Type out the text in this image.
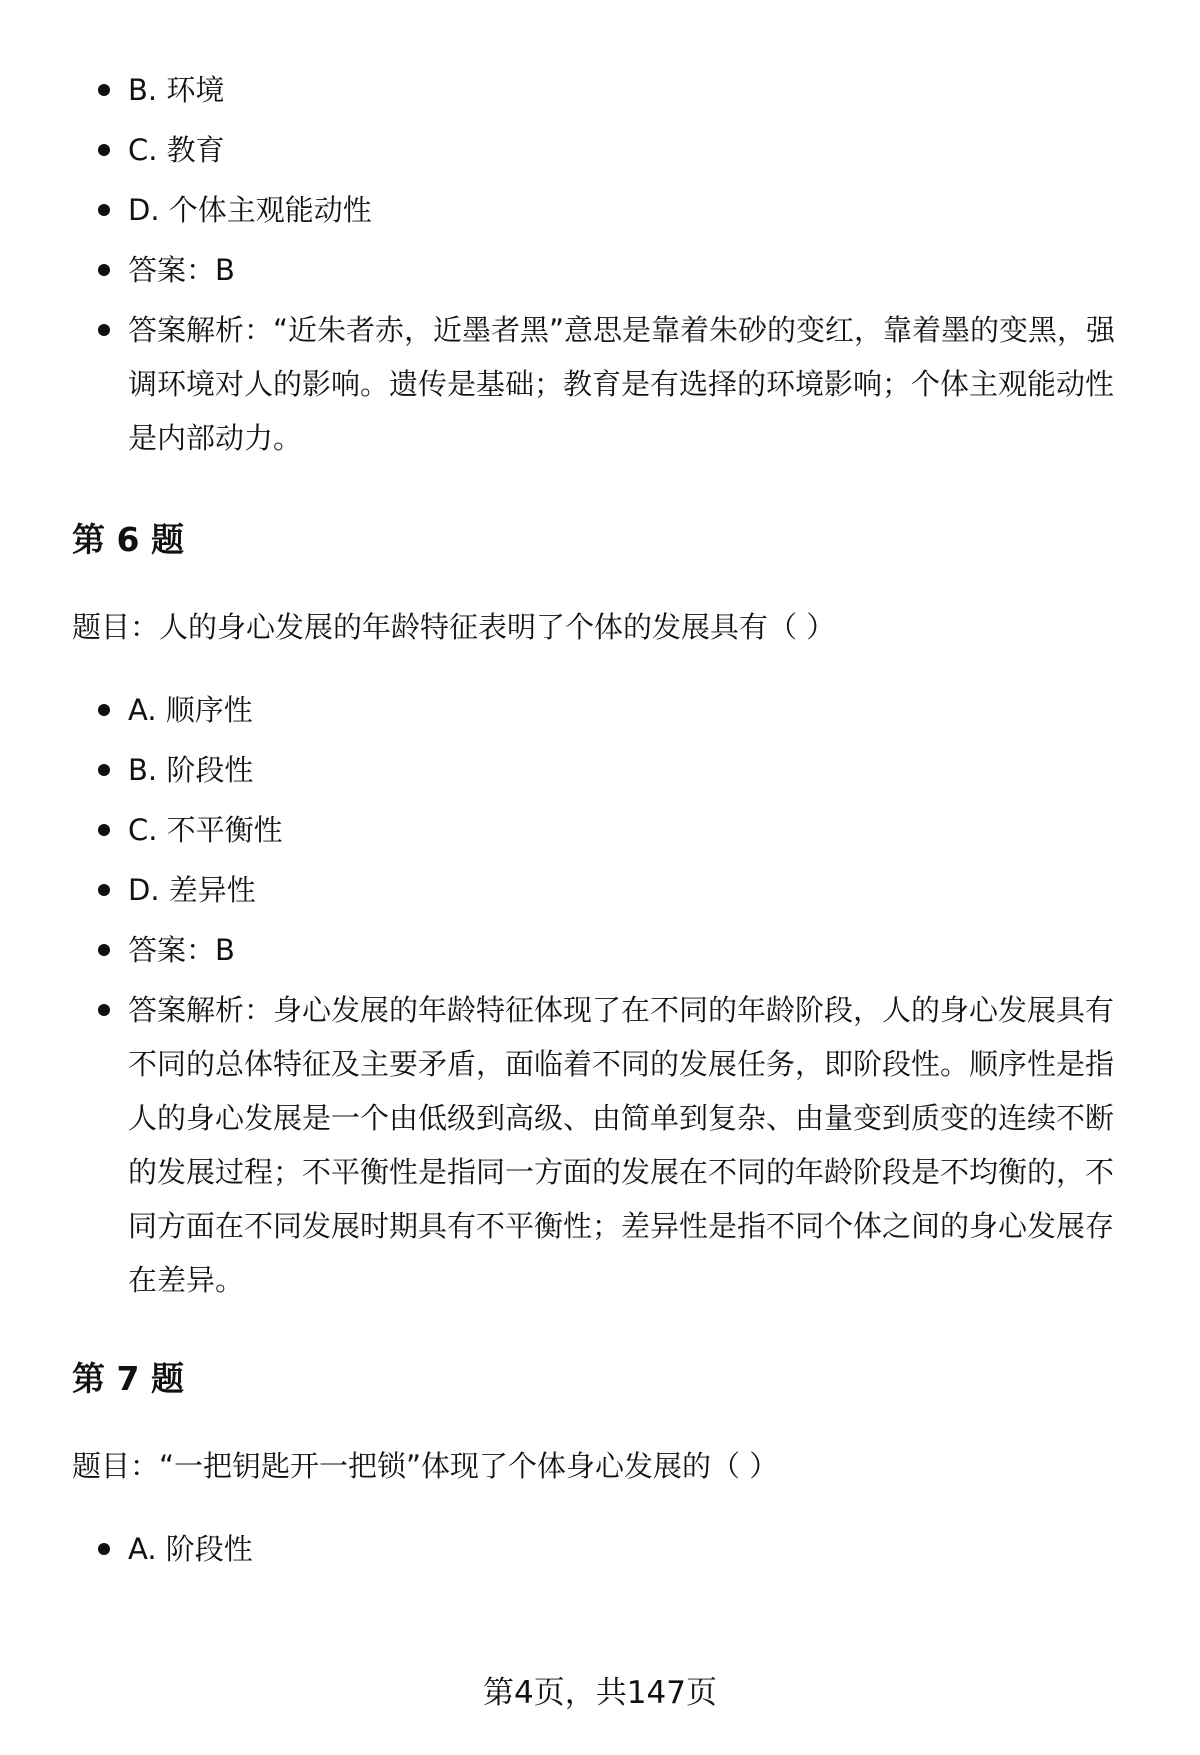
B. 环境
C. 教育
D. 个体主观能动性
答案：B
答案解析：“近朱者赤，近墨者黑”意思是靠着朱砂的变红，靠着墨的变黑，强调环境对人的影响。遗传是基础；教育是有选择的环境影响；个体主观能动性是内部动力。
第 6 题
题目：人的身心发展的年龄特征表明了个体的发展具有（ ）
A. 顺序性
B. 阶段性
C. 不平衡性
D. 差异性
答案：B
答案解析：身心发展的年龄特征体现了在不同的年龄阶段，人的身心发展具有不同的总体特征及主要矛盾，面临着不同的发展任务，即阶段性。顺序性是指人的身心发展是一个由低级到高级、由简单到复杂、由量变到质变的连续不断的发展过程；不平衡性是指同一方面的发展在不同的年龄阶段是不均衡的，不同方面在不同发展时期具有不平衡性；差异性是指不同个体之间的身心发展存在差异。
第 7 题
题目：“一把钥匙开一把锁”体现了个体身心发展的（ ）
A. 阶段性
第4页，共147页
